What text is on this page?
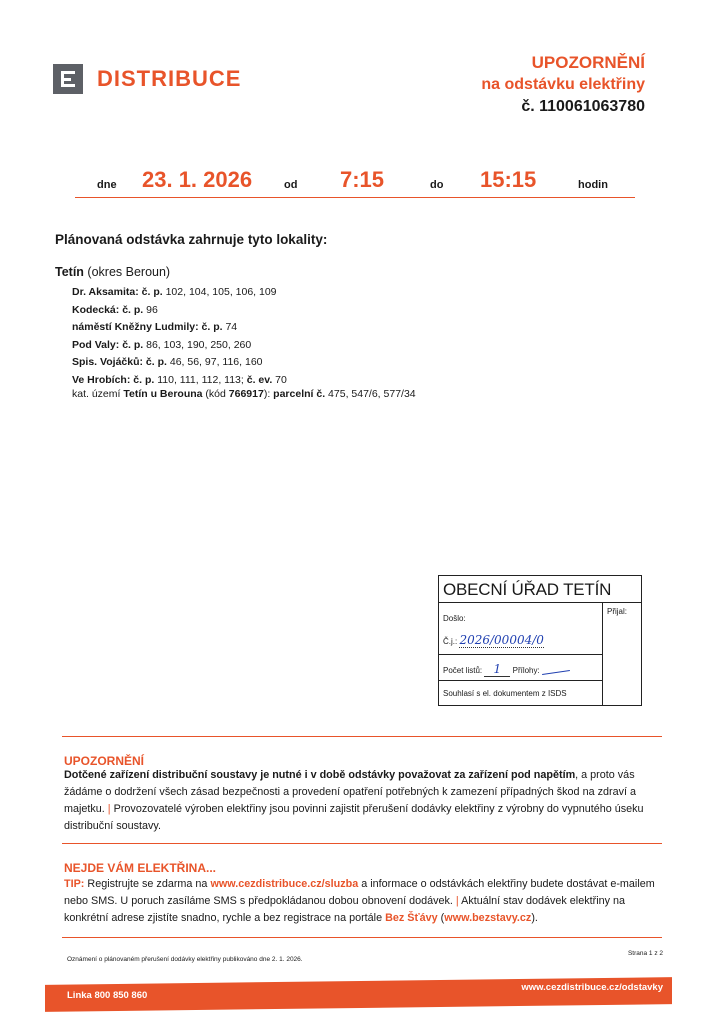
DISTRIBUCE
UPOZORNĚNÍ
na odstávku elektřiny
č. 110061063780
dne 23. 1. 2026	od 7:15	do 15:15	hodin
Plánovaná odstávka zahrnuje tyto lokality:
Tetín (okres Beroun)
Dr. Aksamita: č. p. 102, 104, 105, 106, 109
Kodecká: č. p. 96
náměstí Kněžny Ludmily: č. p. 74
Pod Valy: č. p. 86, 103, 190, 250, 260
Spis. Vojáčků: č. p. 46, 56, 97, 116, 160
Ve Hrobích: č. p. 110, 111, 112, 113; č. ev. 70
kat. území Tetín u Berouna (kód 766917): parcelní č. 475, 547/6, 577/34
OBECNÍ ÚŘAD TETÍN
Přijal:
Došlo:
Č.j.: 2026/00004/0
Počet listů: 1 Přílohy:
Souhlasí s el. dokumentem z ISDS
UPOZORNĚNÍ
Dotčené zařízení distribuční soustavy je nutné i v době odstávky považovat za zařízení pod napětím, a proto vás žádáme o dodržení všech zásad bezpečnosti a provedení opatření potřebných k zamezení případných škod na zdraví a majetku. | Provozovatelé výroben elektřiny jsou povinni zajistit přerušení dodávky elektřiny z výrobny do vypnutého úseku distribuční soustavy.
NEJDE VÁM ELEKTŘINA...
TIP: Registrujte se zdarma na www.cezdistribuce.cz/sluzba a informace o odstávkách elektřiny budete dostávat e-mailem nebo SMS. U poruch zasíláme SMS s předpokládanou dobou obnovení dodávek. | Aktuální stav dodávek elektřiny na konkrétní adrese zjistíte snadno, rychle a bez registrace na portále Bez Šťávy (www.bezstavy.cz).
Oznámení o plánovaném přerušení dodávky elektřiny publikováno dne 2. 1. 2026.
Strana 1 z 2
Linka 800 850 860
www.cezdistribuce.cz/odstavky
